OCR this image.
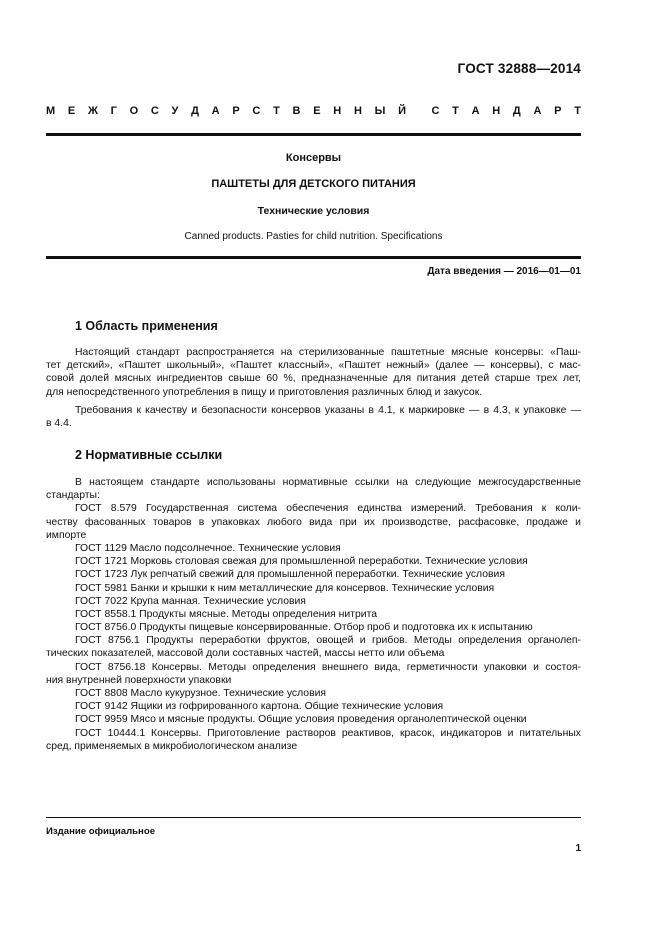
ГОСТ 32888—2014
М Е Ж Г О С У Д А Р С Т В Е Н Н Ы Й С Т А Н Д А Р Т
Консервы
ПАШТЕТЫ ДЛЯ ДЕТСКОГО ПИТАНИЯ
Технические условия
Canned products. Pasties for child nutrition. Specifications
Дата введения — 2016—01—01
1 Область применения
Настоящий стандарт распространяется на стерилизованные паштетные мясные консервы: «Пaш-
тет детский», «Паштет школьный», «Паштет классный», «Паштет нежный» (далее — консервы), с мас-
совой долей мясных ингредиентов свыше 60 %, предназначенные для питания детей старше трех лет,
для непосредственного употребления в пищу и приготовления различных блюд и закусок.
Требования к качеству и безопасности консервов указаны в 4.1, к маркировке — в 4.3, к упаковке —
в 4.4.
2 Нормативные ссылки
В настоящем стандарте использованы нормативные ссылки на следующие межгосударственные
стандарты:
ГОСТ 8.579 Государственная система обеспечения единства измерений. Требования к коли-
честву фасованных товаров в упаковках любого вида при их производстве, расфасовке, продаже и
импорте
ГОСТ 1129 Масло подсолнечное. Технические условия
ГОСТ 1721 Морковь столовая свежая для промышленной переработки. Технические условия
ГОСТ 1723 Лук репчатый свежий для промышленной переработки. Технические условия
ГОСТ 5981 Банки и крышки к ним металлические для консервов. Технические условия
ГОСТ 7022 Крупа манная. Технические условия
ГОСТ 8558.1 Продукты мясные. Методы определения нитрита
ГОСТ 8756.0 Продукты пищевые консервированные. Отбор проб и подготовка их к испытанию
ГОСТ 8756.1 Продукты переработки фруктов, овощей и грибов. Методы определения органолеп-
тических показателей, массовой доли составных частей, массы нетто или объема
ГОСТ 8756.18 Консервы. Методы определения внешнего вида, герметичности упаковки и состоя-
ния внутренней поверхности упаковки
ГОСТ 8808 Масло кукурузное. Технические условия
ГОСТ 9142 Ящики из гофрированного картона. Общие технические условия
ГОСТ 9959 Мясо и мясные продукты. Общие условия проведения органолептической оценки
ГОСТ 10444.1 Консервы. Приготовление растворов реактивов, красок, индикаторов и питательных
сред, применяемых в микробиологическом анализе
Издание официальное
1
